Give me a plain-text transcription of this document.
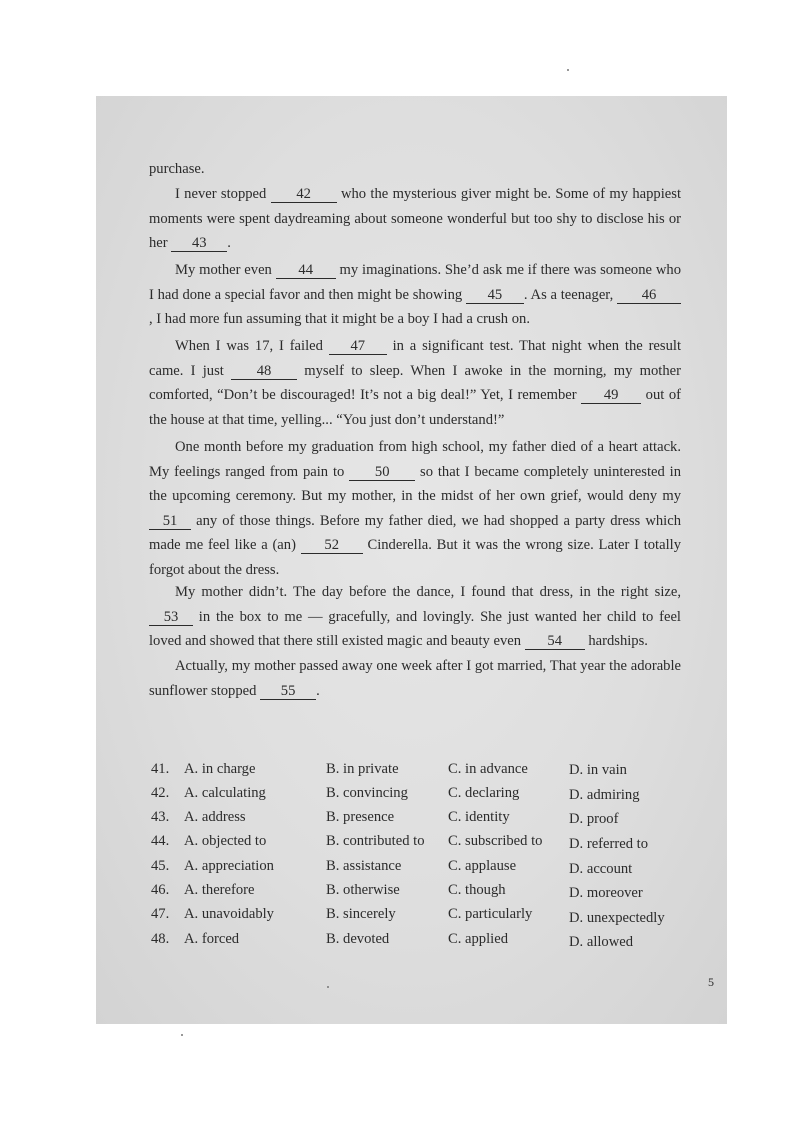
purchase.
I never stopped 42 who the mysterious giver might be. Some of my happiest moments were spent daydreaming about someone wonderful but too shy to disclose his or her 43 .
My mother even 44 my imaginations. She’d ask me if there was someone who I had done a special favor and then might be showing 45 . As a teenager, 46, I had more fun assuming that it might be a boy I had a crush on.
When I was 17, I failed 47 in a significant test. That night when the result came. I just 48 myself to sleep. When I awoke in the morning, my mother comforted, “Don’t be discouraged! It’s not a big deal!” Yet, I remember 49 out of the house at that time, yelling... “You just don’t understand!”
One month before my graduation from high school, my father died of a heart attack. My feelings ranged from pain to 50 so that I became completely uninterested in the upcoming ceremony. But my mother, in the midst of her own grief, would deny my 51 any of those things. Before my father died, we had shopped a party dress which made me feel like a (an) 52 Cinderella. But it was the wrong size. Later I totally forgot about the dress.
My mother didn’t. The day before the dance, I found that dress, in the right size, 53 in the box to me — gracefully, and lovingly. She just wanted her child to feel loved and showed that there still existed magic and beauty even 54 hardships.
Actually, my mother passed away one week after I got married, That year the adorable sunflower stopped 55 .
41. A. in charge	B. in private	C. in advance	D. in vain
42. A. calculating	B. convincing	C. declaring	D. admiring
43. A. address	B. presence	C. identity	D. proof
44. A. objected to	B. contributed to C. subscribed to D. referred to
45. A. appreciation	B. assistance	C. applause	D. account
46. A. therefore	B. otherwise	C. though	D. moreover
47. A. unavoidably	B. sincerely	C. particularly	D. unexpectedly
48. A. forced	B. devoted	C. applied	D. allowed
5
